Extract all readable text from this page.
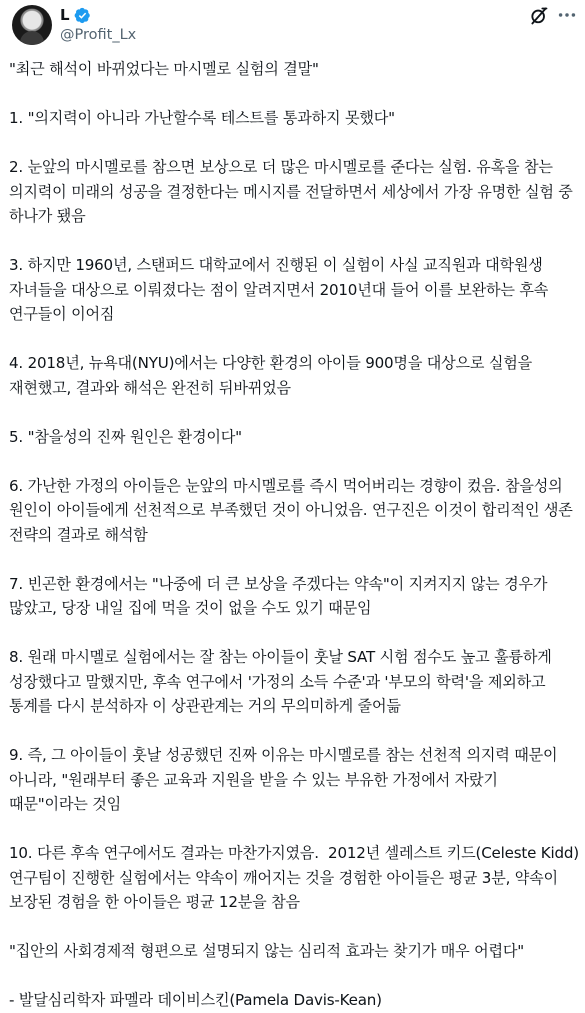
L
@Profit_Lx

"최근 해석이 바뀌었다는 마시멜로 실험의 결말"

1. "의지력이 아니라 가난할수록 테스트를 통과하지 못했다"

2. 눈앞의 마시멜로를 참으면 보상으로 더 많은 마시멜로를 준다는 실험. 유혹을 참는 의지력이 미래의 성공을 결정한다는 메시지를 전달하면서 세상에서 가장 유명한 실험 중 하나가 됐음

3. 하지만 1960년, 스탠퍼드 대학교에서 진행된 이 실험이 사실 교직원과 대학원생 자녀들을 대상으로 이뤄졌다는 점이 알려지면서 2010년대 들어 이를 보완하는 후속 연구들이 이어짐

4. 2018년, 뉴욕대(NYU)에서는 다양한 환경의 아이들 900명을 대상으로 실험을 재현했고, 결과와 해석은 완전히 뒤바뀌었음

5. "참을성의 진짜 원인은 환경이다"

6. 가난한 가정의 아이들은 눈앞의 마시멜로를 즉시 먹어버리는 경향이 컸음. 참을성의 원인이 아이들에게 선천적으로 부족했던 것이 아니었음. 연구진은 이것이 합리적인 생존 전략의 결과로 해석함

7. 빈곤한 환경에서는 "나중에 더 큰 보상을 주겠다는 약속"이 지켜지지 않는 경우가 많았고, 당장 내일 집에 먹을 것이 없을 수도 있기 때문임

8. 원래 마시멜로 실험에서는 잘 참는 아이들이 훗날 SAT 시험 점수도 높고 훌륭하게 성장했다고 말했지만, 후속 연구에서 '가정의 소득 수준'과 '부모의 학력'을 제외하고 통계를 다시 분석하자 이 상관관계는 거의 무의미하게 줄어듦

9. 즉, 그 아이들이 훗날 성공했던 진짜 이유는 마시멜로를 참는 선천적 의지력 때문이 아니라, "원래부터 좋은 교육과 지원을 받을 수 있는 부유한 가정에서 자랐기 때문"이라는 것임

10. 다른 후속 연구에서도 결과는 마찬가지였음.  2012년 셀레스트 키드(Celeste Kidd) 연구팀이 진행한 실험에서는 약속이 깨어지는 것을 경험한 아이들은 평균 3분, 약속이 보장된 경험을 한 아이들은 평균 12분을 참음

"집안의 사회경제적 형편으로 설명되지 않는 심리적 효과는 찾기가 매우 어렵다"

- 발달심리학자 파멜라 데이비스킨(Pamela Davis-Kean)
